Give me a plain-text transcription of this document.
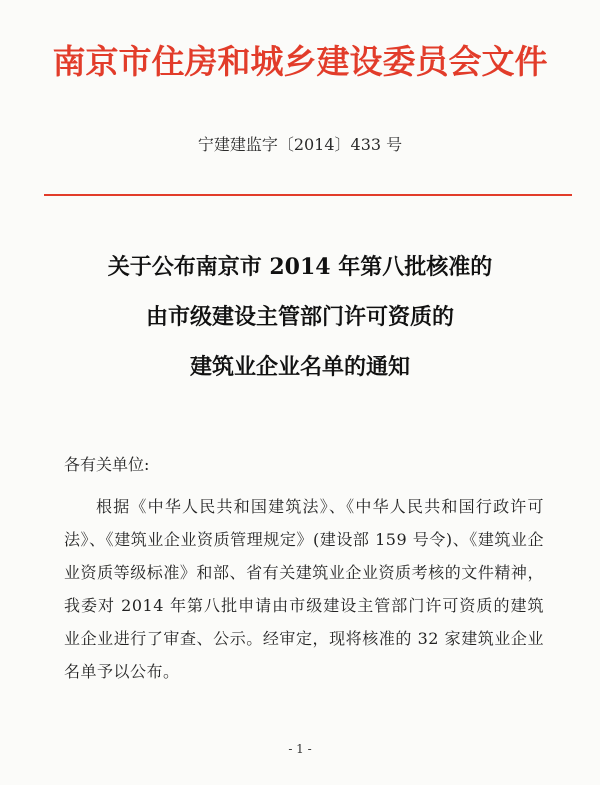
南京市住房和城乡建设委员会文件
宁建建监字〔2014〕433 号
关于公布南京市 2014 年第八批核准的
由市级建设主管部门许可资质的
建筑业企业名单的通知
各有关单位:
根据《中华人民共和国建筑法》、《中华人民共和国行政许可法》、《建筑业企业资质管理规定》(建设部 159 号令)、《建筑业企业资质等级标准》和部、省有关建筑业企业资质考核的文件精神，我委对 2014 年第八批申请由市级建设主管部门许可资质的建筑业企业进行了审查、公示。经审定，现将核准的 32 家建筑业企业名单予以公布。
- 1 -
